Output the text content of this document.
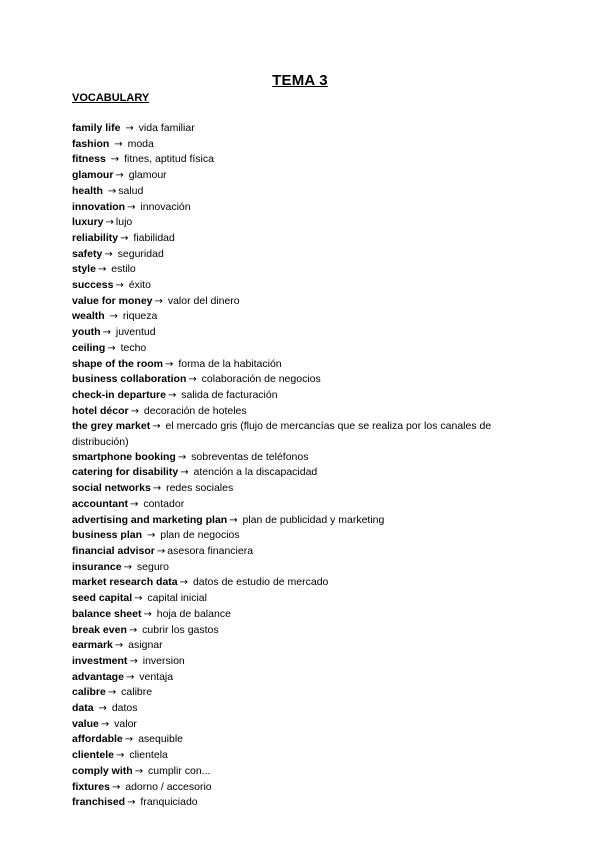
TEMA 3
VOCABULARY
family life → vida familiar
fashion → moda
fitness → fitnes, aptitud física
glamour → glamour
health → salud
innovation → innovación
luxury → lujo
reliability → fiabilidad
safety → seguridad
style → estilo
success → éxito
value for money → valor del dinero
wealth → riqueza
youth → juventud
ceiling → techo
shape of the room → forma de la habitación
business collaboration → colaboración de negocios
check-in departure → salida de facturación
hotel décor → decoración de hoteles
the grey market → el mercado gris (flujo de mercancías que se realiza por los canales de distribución)
smartphone booking → sobreventas de teléfonos
catering for disability → atención a la discapacidad
social networks → redes sociales
accountant → contador
advertising and marketing plan → plan de publicidad y marketing
business plan → plan de negocios
financial advisor → asesora financiera
insurance → seguro
market research data → datos de estudio de mercado
seed capital → capital inicial
balance sheet → hoja de balance
break even → cubrir los gastos
earmark → asignar
investment → inversion
advantage → ventaja
calibre → calibre
data → datos
value → valor
affordable → asequible
clientele → clientela
comply with → cumplir con...
fixtures → adorno / accesorio
franchised → franquiciado
